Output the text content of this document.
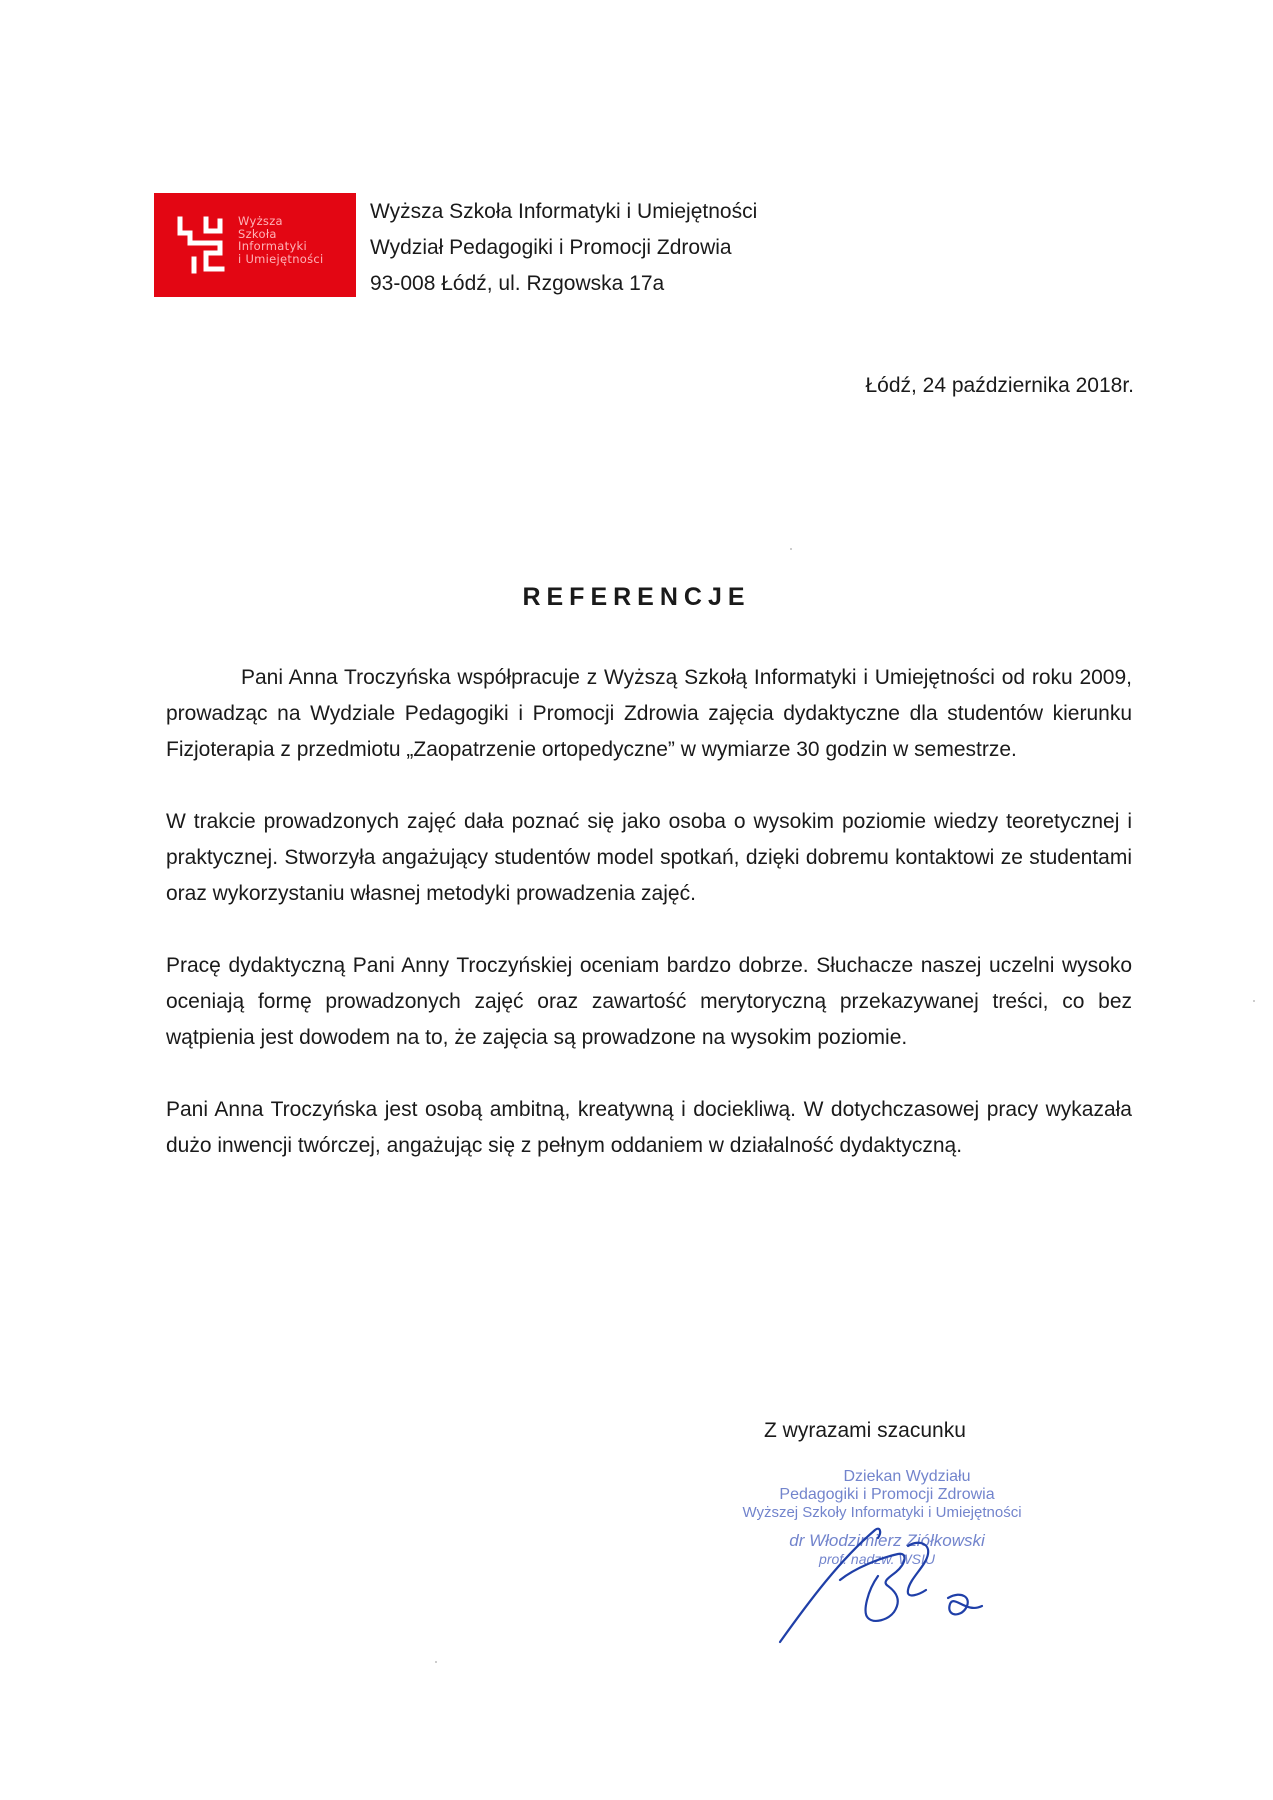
Wyższa
Szkoła
Informatyki
i Umiejętności
Wyższa Szkoła Informatyki i Umiejętności
Wydział Pedagogiki i Promocji Zdrowia
93-008 Łódź, ul. Rzgowska 17a
Łódź, 24 października 2018r.
REFERENCJE

Pani Anna Troczyńska współpracuje z Wyższą Szkołą Informatyki i Umiejętności od roku 2009, prowadząc na Wydziale Pedagogiki i Promocji Zdrowia zajęcia dydaktyczne dla studentów kierunku Fizjoterapia z przedmiotu „Zaopatrzenie ortopedyczne” w wymiarze 30 godzin w semestrze.

W trakcie prowadzonych zajęć dała poznać się jako osoba o wysokim poziomie wiedzy teoretycznej i praktycznej. Stworzyła angażujący studentów model spotkań, dzięki dobremu kontaktowi ze studentami oraz wykorzystaniu własnej metodyki prowadzenia zajęć.

Pracę dydaktyczną Pani Anny Troczyńskiej oceniam bardzo dobrze. Słuchacze naszej uczelni wysoko oceniają formę prowadzonych zajęć oraz zawartość merytoryczną przekazywanej treści, co bez wątpienia jest dowodem na to, że zajęcia są prowadzone na wysokim poziomie.

Pani Anna Troczyńska jest osobą ambitną, kreatywną i dociekliwą. W dotychczasowej pracy wykazała dużo inwencji twórczej, angażując się z pełnym oddaniem w działalność dydaktyczną.

Z wyrazami szacunku
Dziekan Wydziału
Pedagogiki i Promocji Zdrowia
Wyższej Szkoły Informatyki i Umiejętności
dr Włodzimierz Ziółkowski
prof. nadzw. WSIU
